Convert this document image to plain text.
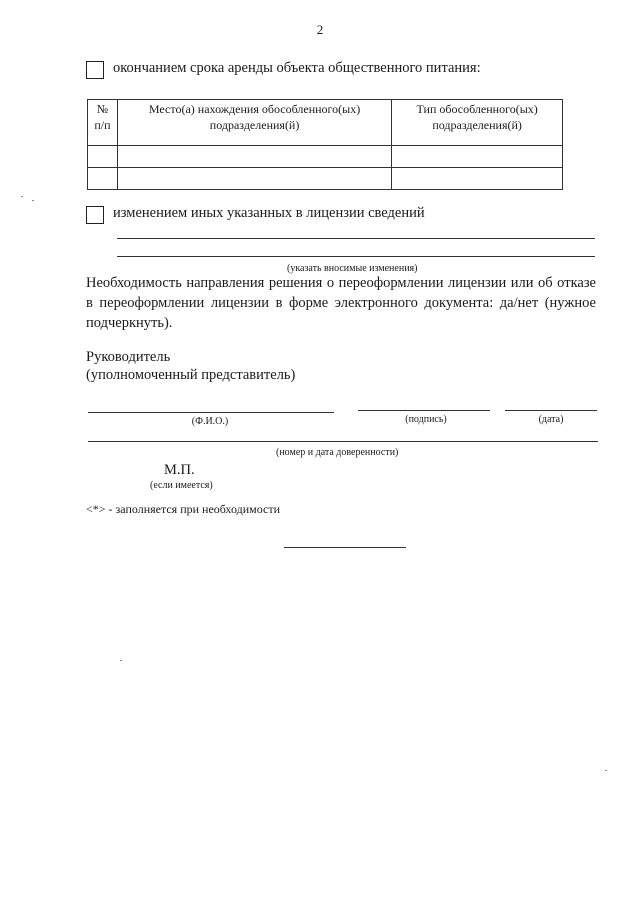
2
окончанием срока аренды объекта общественного питания:
№ п/п	Место(а) нахождения обособленного(ых) подразделения(й)	Тип обособленного(ых) подразделения(й)

изменением иных указанных в лицензии сведений
(указать вносимые изменения)
Необходимость направления решения о переоформлении лицензии или об отказе в переоформлении лицензии в форме электронного документа: да/нет (нужное подчеркнуть).
Руководитель
(уполномоченный представитель)
(Ф.И.О.)	(подпись)	(дата)
(номер и дата доверенности)
М.П.
(если имеется)
<*> - заполняется при необходимости
